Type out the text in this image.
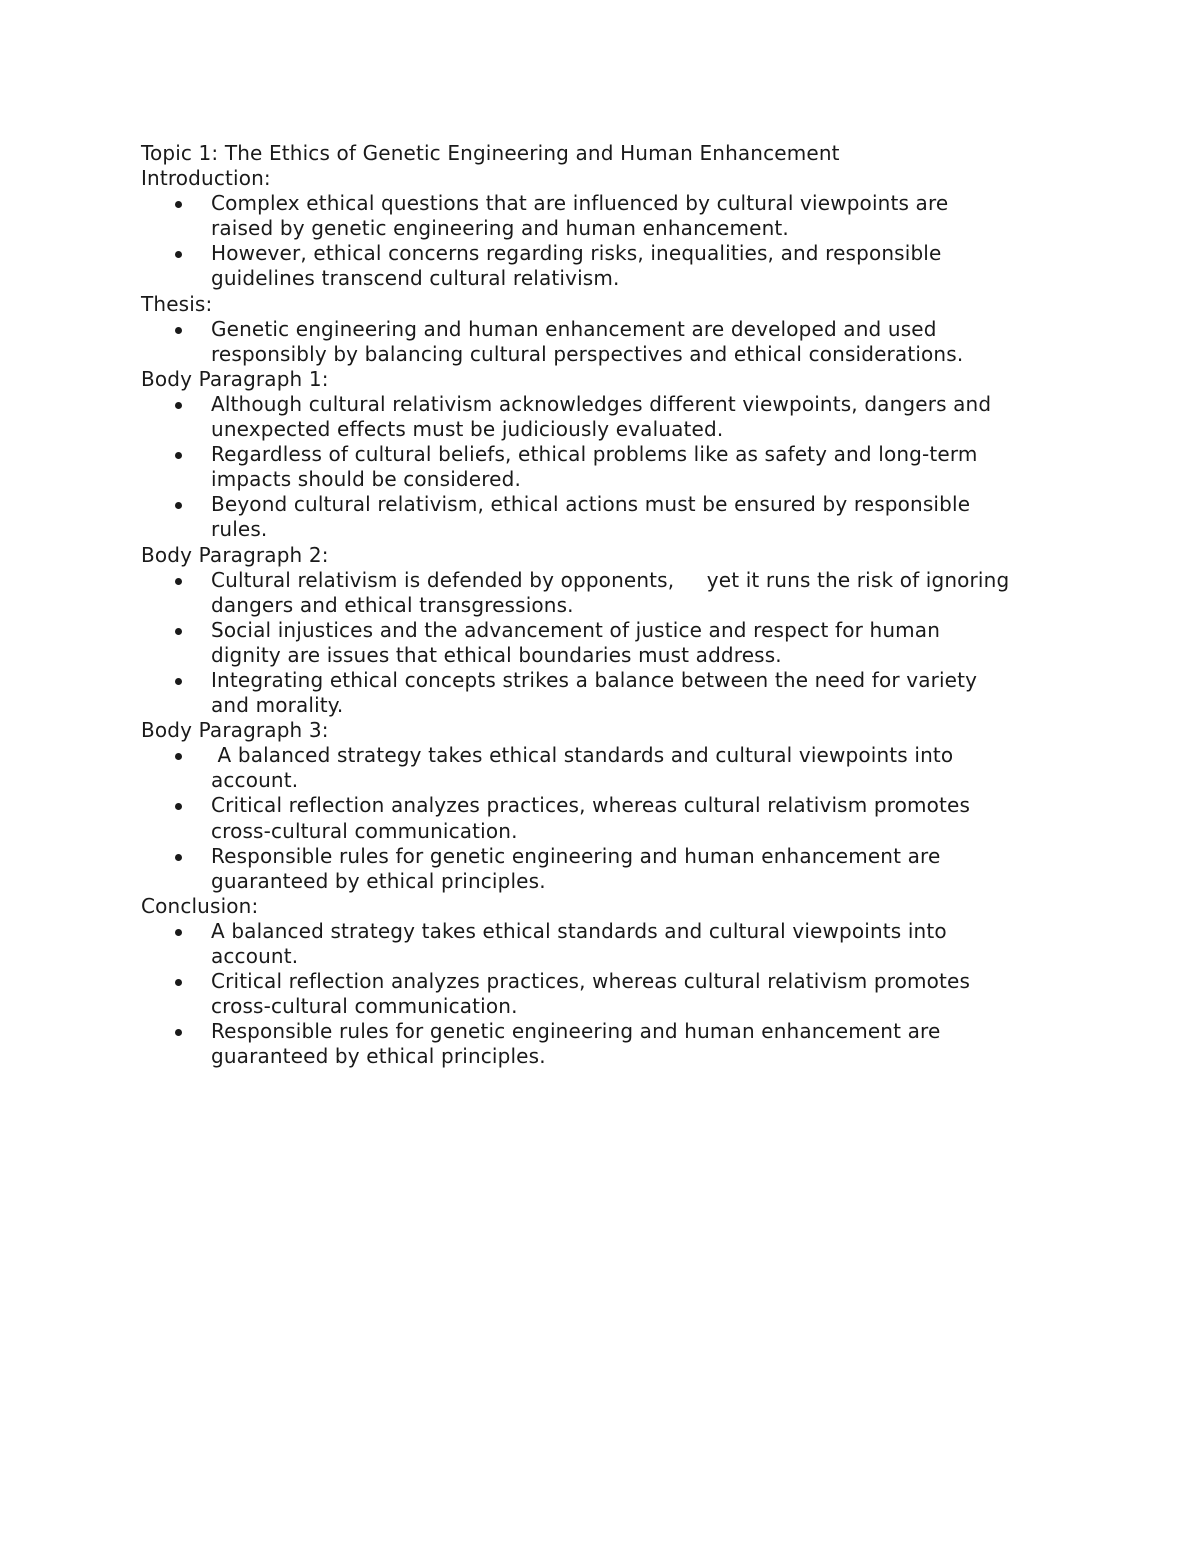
Topic 1: The Ethics of Genetic Engineering and Human Enhancement
Introduction:
Complex ethical questions that are influenced by cultural viewpoints are
raised by genetic engineering and human enhancement.
However, ethical concerns regarding risks, inequalities, and responsible
guidelines transcend cultural relativism.
Thesis:
Genetic engineering and human enhancement are developed and used
responsibly by balancing cultural perspectives and ethical considerations.
Body Paragraph 1:
Although cultural relativism acknowledges different viewpoints, dangers and
unexpected effects must be judiciously evaluated.
Regardless of cultural beliefs, ethical problems like as safety and long-term
impacts should be considered.
Beyond cultural relativism, ethical actions must be ensured by responsible
rules.
Body Paragraph 2:
Cultural relativism is defended by opponents,     yet it runs the risk of ignoring
dangers and ethical transgressions.
Social injustices and the advancement of justice and respect for human
dignity are issues that ethical boundaries must address.
Integrating ethical concepts strikes a balance between the need for variety
and morality.
Body Paragraph 3:
A balanced strategy takes ethical standards and cultural viewpoints into
account.
Critical reflection analyzes practices, whereas cultural relativism promotes
cross-cultural communication.
Responsible rules for genetic engineering and human enhancement are
guaranteed by ethical principles.
Conclusion:
A balanced strategy takes ethical standards and cultural viewpoints into
account.
Critical reflection analyzes practices, whereas cultural relativism promotes
cross-cultural communication.
Responsible rules for genetic engineering and human enhancement are
guaranteed by ethical principles.
